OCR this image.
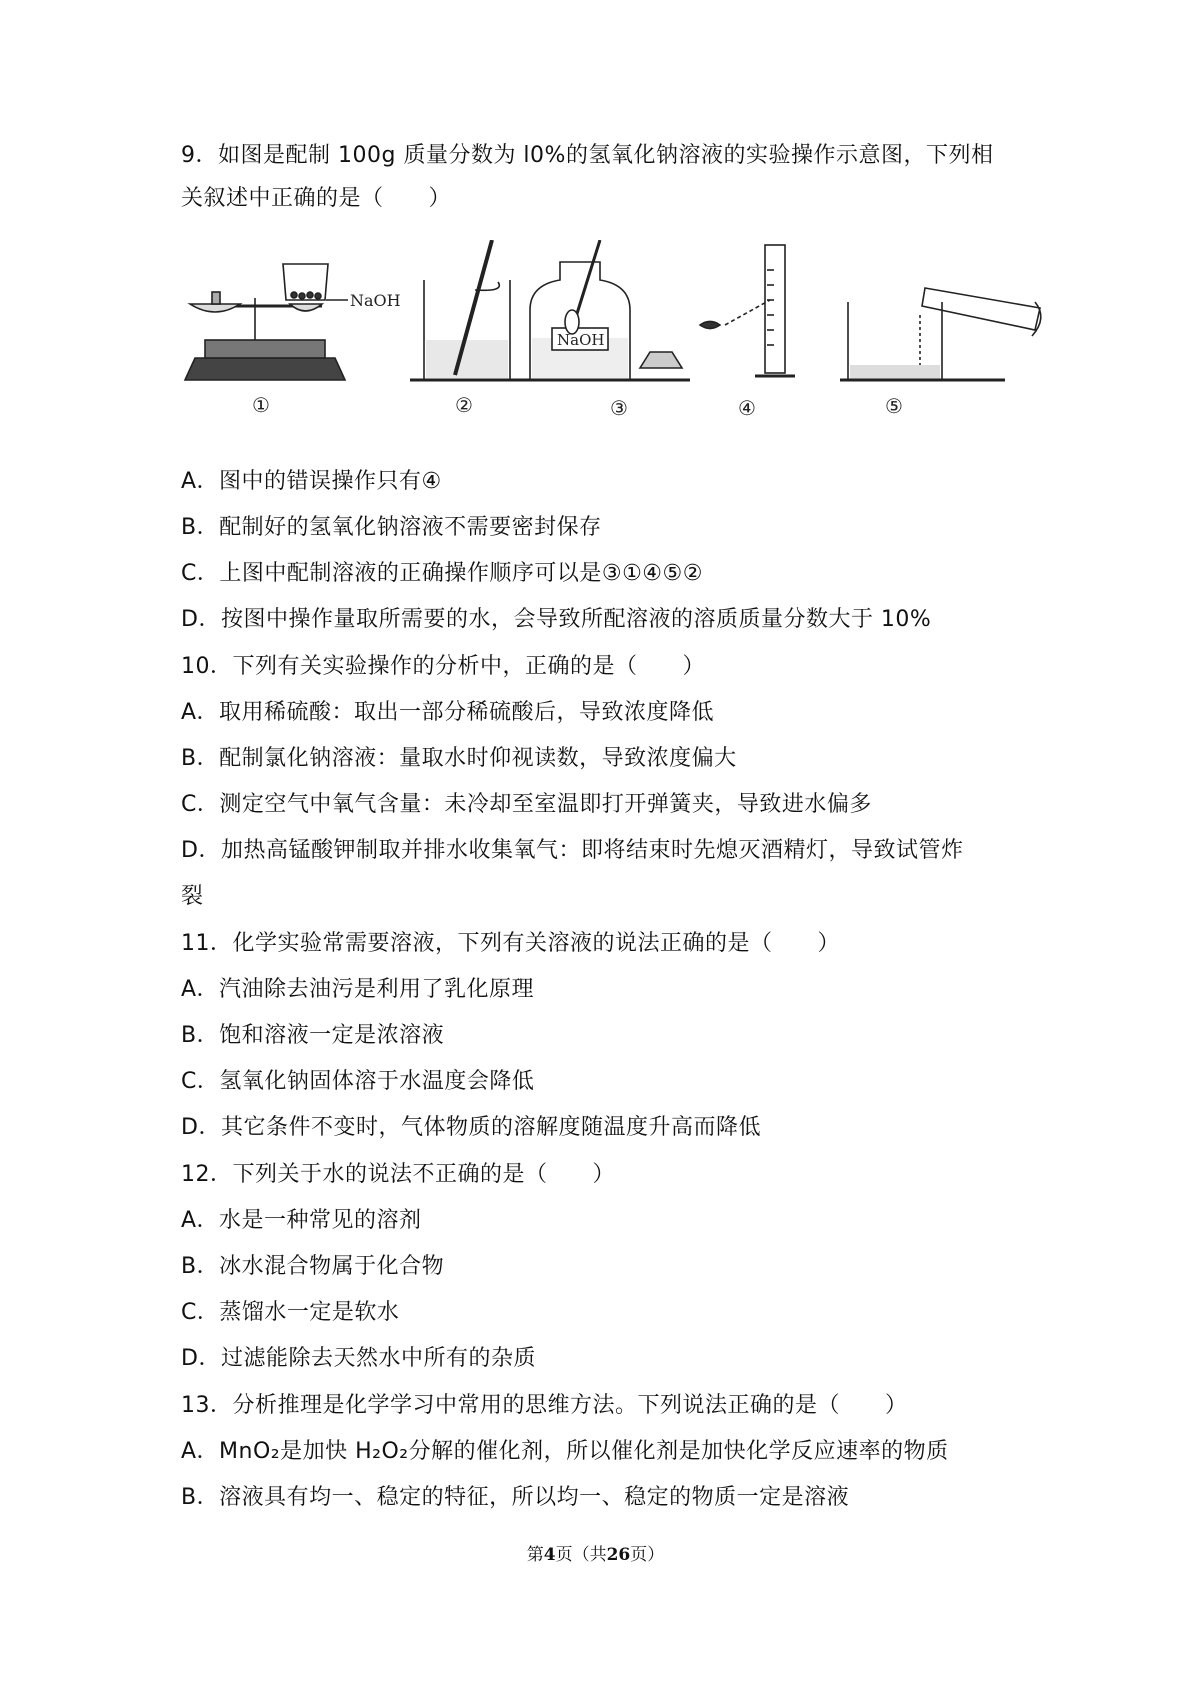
9．如图是配制 100g 质量分数为 l0%的氢氧化钠溶液的实验操作示意图，下列相
关叙述中正确的是（　　）
NaOH
NaOH
①	②	③	④	⑤
A．图中的错误操作只有④
B．配制好的氢氧化钠溶液不需要密封保存
C．上图中配制溶液的正确操作顺序可以是③①④⑤②
D．按图中操作量取所需要的水，会导致所配溶液的溶质质量分数大于 10%
10．下列有关实验操作的分析中，正确的是（　　）
A．取用稀硫酸：取出一部分稀硫酸后，导致浓度降低
B．配制氯化钠溶液：量取水时仰视读数，导致浓度偏大
C．测定空气中氧气含量：未冷却至室温即打开弹簧夹，导致进水偏多
D．加热高锰酸钾制取并排水收集氧气：即将结束时先熄灭酒精灯，导致试管炸
裂
11．化学实验常需要溶液，下列有关溶液的说法正确的是（　　）
A．汽油除去油污是利用了乳化原理
B．饱和溶液一定是浓溶液
C．氢氧化钠固体溶于水温度会降低
D．其它条件不变时，气体物质的溶解度随温度升高而降低
12．下列关于水的说法不正确的是（　　）
A．水是一种常见的溶剂
B．冰水混合物属于化合物
C．蒸馏水一定是软水
D．过滤能除去天然水中所有的杂质
13．分析推理是化学学习中常用的思维方法。下列说法正确的是（　　）
A．MnO₂是加快 H₂O₂分解的催化剂，所以催化剂是加快化学反应速率的物质
B．溶液具有均一、稳定的特征，所以均一、稳定的物质一定是溶液
第4页（共26页）
